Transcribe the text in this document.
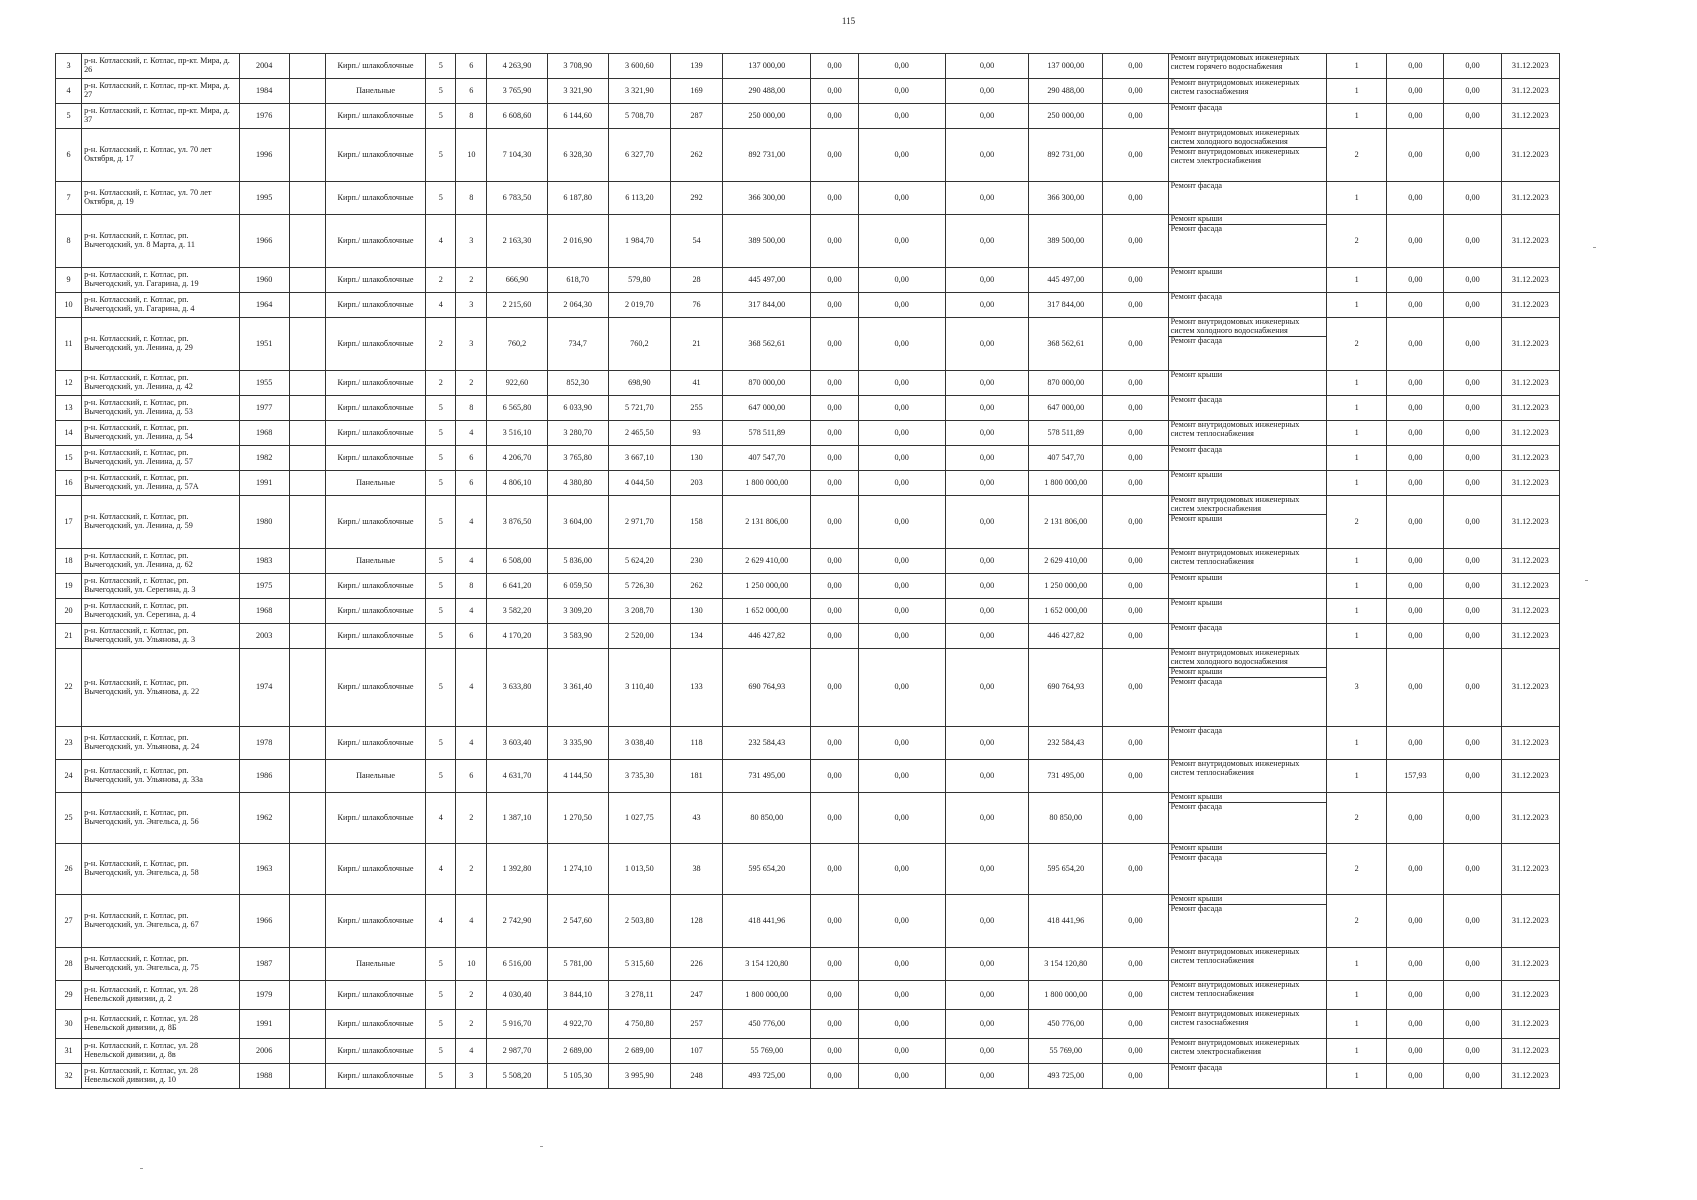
115
3	р-н. Котласский, г. Котлас, пр-кт. Мира, д. 26	2004		Кирп./ шлакоблочные	5	6	4 263,90	3 708,90	3 600,60	139	137 000,00	0,00	0,00	0,00	137 000,00	0,00	Ремонт внутридомовых инженерных систем горячего водоснабжения	1	0,00	0,00	31.12.2023
4	р-н. Котласский, г. Котлас, пр-кт. Мира, д. 27	1984		Панельные	5	6	3 765,90	3 321,90	3 321,90	169	290 488,00	0,00	0,00	0,00	290 488,00	0,00	Ремонт внутридомовых инженерных систем газоснабжения	1	0,00	0,00	31.12.2023
5	р-н. Котласский, г. Котлас, пр-кт. Мира, д. 37	1976		Кирп./ шлакоблочные	5	8	6 608,60	6 144,60	5 708,70	287	250 000,00	0,00	0,00	0,00	250 000,00	0,00	Ремонт фасада	1	0,00	0,00	31.12.2023
6	р-н. Котласский, г. Котлас, ул. 70 лет Октября, д. 17	1996		Кирп./ шлакоблочные	5	10	7 104,30	6 328,30	6 327,70	262	892 731,00	0,00	0,00	0,00	892 731,00	0,00	Ремонт внутридомовых инженерных систем холодного водоснабжения
Ремонт внутридомовых инженерных систем электроснабжения	2	0,00	0,00	31.12.2023
7	р-н. Котласский, г. Котлас, ул. 70 лет Октября, д. 19	1995		Кирп./ шлакоблочные	5	8	6 783,50	6 187,80	6 113,20	292	366 300,00	0,00	0,00	0,00	366 300,00	0,00	Ремонт фасада	1	0,00	0,00	31.12.2023
8	р-н. Котласский, г. Котлас, рп. Вычегодский, ул. 8 Марта, д. 11	1966		Кирп./ шлакоблочные	4	3	2 163,30	2 016,90	1 984,70	54	389 500,00	0,00	0,00	0,00	389 500,00	0,00	Ремонт крыши
Ремонт фасада	2	0,00	0,00	31.12.2023
9	р-н. Котласский, г. Котлас, рп. Вычегодский, ул. Гагарина, д. 19	1960		Кирп./ шлакоблочные	2	2	666,90	618,70	579,80	28	445 497,00	0,00	0,00	0,00	445 497,00	0,00	Ремонт крыши	1	0,00	0,00	31.12.2023
10	р-н. Котласский, г. Котлас, рп. Вычегодский, ул. Гагарина, д. 4	1964		Кирп./ шлакоблочные	4	3	2 215,60	2 064,30	2 019,70	76	317 844,00	0,00	0,00	0,00	317 844,00	0,00	Ремонт фасада	1	0,00	0,00	31.12.2023
11	р-н. Котласский, г. Котлас, рп. Вычегодский, ул. Ленина, д. 29	1951		Кирп./ шлакоблочные	2	3	760,2	734,7	760,2	21	368 562,61	0,00	0,00	0,00	368 562,61	0,00	Ремонт внутридомовых инженерных систем холодного водоснабжения
Ремонт фасада	2	0,00	0,00	31.12.2023
12	р-н. Котласский, г. Котлас, рп. Вычегодский, ул. Ленина, д. 42	1955		Кирп./ шлакоблочные	2	2	922,60	852,30	698,90	41	870 000,00	0,00	0,00	0,00	870 000,00	0,00	Ремонт крыши	1	0,00	0,00	31.12.2023
13	р-н. Котласский, г. Котлас, рп. Вычегодский, ул. Ленина, д. 53	1977		Кирп./ шлакоблочные	5	8	6 565,80	6 033,90	5 721,70	255	647 000,00	0,00	0,00	0,00	647 000,00	0,00	Ремонт фасада	1	0,00	0,00	31.12.2023
14	р-н. Котласский, г. Котлас, рп. Вычегодский, ул. Ленина, д. 54	1968		Кирп./ шлакоблочные	5	4	3 516,10	3 280,70	2 465,50	93	578 511,89	0,00	0,00	0,00	578 511,89	0,00	Ремонт внутридомовых инженерных систем теплоснабжения	1	0,00	0,00	31.12.2023
15	р-н. Котласский, г. Котлас, рп. Вычегодский, ул. Ленина, д. 57	1982		Кирп./ шлакоблочные	5	6	4 206,70	3 765,80	3 667,10	130	407 547,70	0,00	0,00	0,00	407 547,70	0,00	Ремонт фасада	1	0,00	0,00	31.12.2023
16	р-н. Котласский, г. Котлас, рп. Вычегодский, ул. Ленина, д. 57А	1991		Панельные	5	6	4 806,10	4 380,80	4 044,50	203	1 800 000,00	0,00	0,00	0,00	1 800 000,00	0,00	Ремонт крыши	1	0,00	0,00	31.12.2023
17	р-н. Котласский, г. Котлас, рп. Вычегодский, ул. Ленина, д. 59	1980		Кирп./ шлакоблочные	5	4	3 876,50	3 604,00	2 971,70	158	2 131 806,00	0,00	0,00	0,00	2 131 806,00	0,00	Ремонт внутридомовых инженерных систем электроснабжения
Ремонт крыши	2	0,00	0,00	31.12.2023
18	р-н. Котласский, г. Котлас, рп. Вычегодский, ул. Ленина, д. 62	1983		Панельные	5	4	6 508,00	5 836,00	5 624,20	230	2 629 410,00	0,00	0,00	0,00	2 629 410,00	0,00	Ремонт внутридомовых инженерных систем теплоснабжения	1	0,00	0,00	31.12.2023
19	р-н. Котласский, г. Котлас, рп. Вычегодский, ул. Серегина, д. 3	1975		Кирп./ шлакоблочные	5	8	6 641,20	6 059,50	5 726,30	262	1 250 000,00	0,00	0,00	0,00	1 250 000,00	0,00	Ремонт крыши	1	0,00	0,00	31.12.2023
20	р-н. Котласский, г. Котлас, рп. Вычегодский, ул. Серегина, д. 4	1968		Кирп./ шлакоблочные	5	4	3 582,20	3 309,20	3 208,70	130	1 652 000,00	0,00	0,00	0,00	1 652 000,00	0,00	Ремонт крыши	1	0,00	0,00	31.12.2023
21	р-н. Котласский, г. Котлас, рп. Вычегодский, ул. Ульянова, д. 3	2003		Кирп./ шлакоблочные	5	6	4 170,20	3 583,90	2 520,00	134	446 427,82	0,00	0,00	0,00	446 427,82	0,00	Ремонт фасада	1	0,00	0,00	31.12.2023
22	р-н. Котласский, г. Котлас, рп. Вычегодский, ул. Ульянова, д. 22	1974		Кирп./ шлакоблочные	5	4	3 633,80	3 361,40	3 110,40	133	690 764,93	0,00	0,00	0,00	690 764,93	0,00	Ремонт внутридомовых инженерных систем холодного водоснабжения
Ремонт крыши
Ремонт фасада	3	0,00	0,00	31.12.2023
23	р-н. Котласский, г. Котлас, рп. Вычегодский, ул. Ульянова, д. 24	1978		Кирп./ шлакоблочные	5	4	3 603,40	3 335,90	3 038,40	118	232 584,43	0,00	0,00	0,00	232 584,43	0,00	Ремонт фасада	1	0,00	0,00	31.12.2023
24	р-н. Котласский, г. Котлас, рп. Вычегодский, ул. Ульянова, д. 33а	1986		Панельные	5	6	4 631,70	4 144,50	3 735,30	181	731 495,00	0,00	0,00	0,00	731 495,00	0,00	Ремонт внутридомовых инженерных систем теплоснабжения	1	157,93	0,00	31.12.2023
25	р-н. Котласский, г. Котлас, рп. Вычегодский, ул. Энгельса, д. 56	1962		Кирп./ шлакоблочные	4	2	1 387,10	1 270,50	1 027,75	43	80 850,00	0,00	0,00	0,00	80 850,00	0,00	Ремонт крыши
Ремонт фасада	2	0,00	0,00	31.12.2023
26	р-н. Котласский, г. Котлас, рп. Вычегодский, ул. Энгельса, д. 58	1963		Кирп./ шлакоблочные	4	2	1 392,80	1 274,10	1 013,50	38	595 654,20	0,00	0,00	0,00	595 654,20	0,00	Ремонт крыши
Ремонт фасада	2	0,00	0,00	31.12.2023
27	р-н. Котласский, г. Котлас, рп. Вычегодский, ул. Энгельса, д. 67	1966		Кирп./ шлакоблочные	4	4	2 742,90	2 547,60	2 503,80	128	418 441,96	0,00	0,00	0,00	418 441,96	0,00	Ремонт крыши
Ремонт фасада	2	0,00	0,00	31.12.2023
28	р-н. Котласский, г. Котлас, рп. Вычегодский, ул. Энгельса, д. 75	1987		Панельные	5	10	6 516,00	5 781,00	5 315,60	226	3 154 120,80	0,00	0,00	0,00	3 154 120,80	0,00	Ремонт внутридомовых инженерных систем теплоснабжения	1	0,00	0,00	31.12.2023
29	р-н. Котласский, г. Котлас, ул. 28 Невельской дивизии, д. 2	1979		Кирп./ шлакоблочные	5	2	4 030,40	3 844,10	3 278,11	247	1 800 000,00	0,00	0,00	0,00	1 800 000,00	0,00	Ремонт внутридомовых инженерных систем теплоснабжения	1	0,00	0,00	31.12.2023
30	р-н. Котласский, г. Котлас, ул. 28 Невельской дивизии, д. 8Б	1991		Кирп./ шлакоблочные	5	2	5 916,70	4 922,70	4 750,80	257	450 776,00	0,00	0,00	0,00	450 776,00	0,00	Ремонт внутридомовых инженерных систем газоснабжения	1	0,00	0,00	31.12.2023
31	р-н. Котласский, г. Котлас, ул. 28 Невельской дивизии, д. 8в	2006		Кирп./ шлакоблочные	5	4	2 987,70	2 689,00	2 689,00	107	55 769,00	0,00	0,00	0,00	55 769,00	0,00	Ремонт внутридомовых инженерных систем электроснабжения	1	0,00	0,00	31.12.2023
32	р-н. Котласский, г. Котлас, ул. 28 Невельской дивизии, д. 10	1988		Кирп./ шлакоблочные	5	3	5 508,20	5 105,30	3 995,90	248	493 725,00	0,00	0,00	0,00	493 725,00	0,00	Ремонт фасада	1	0,00	0,00	31.12.2023
